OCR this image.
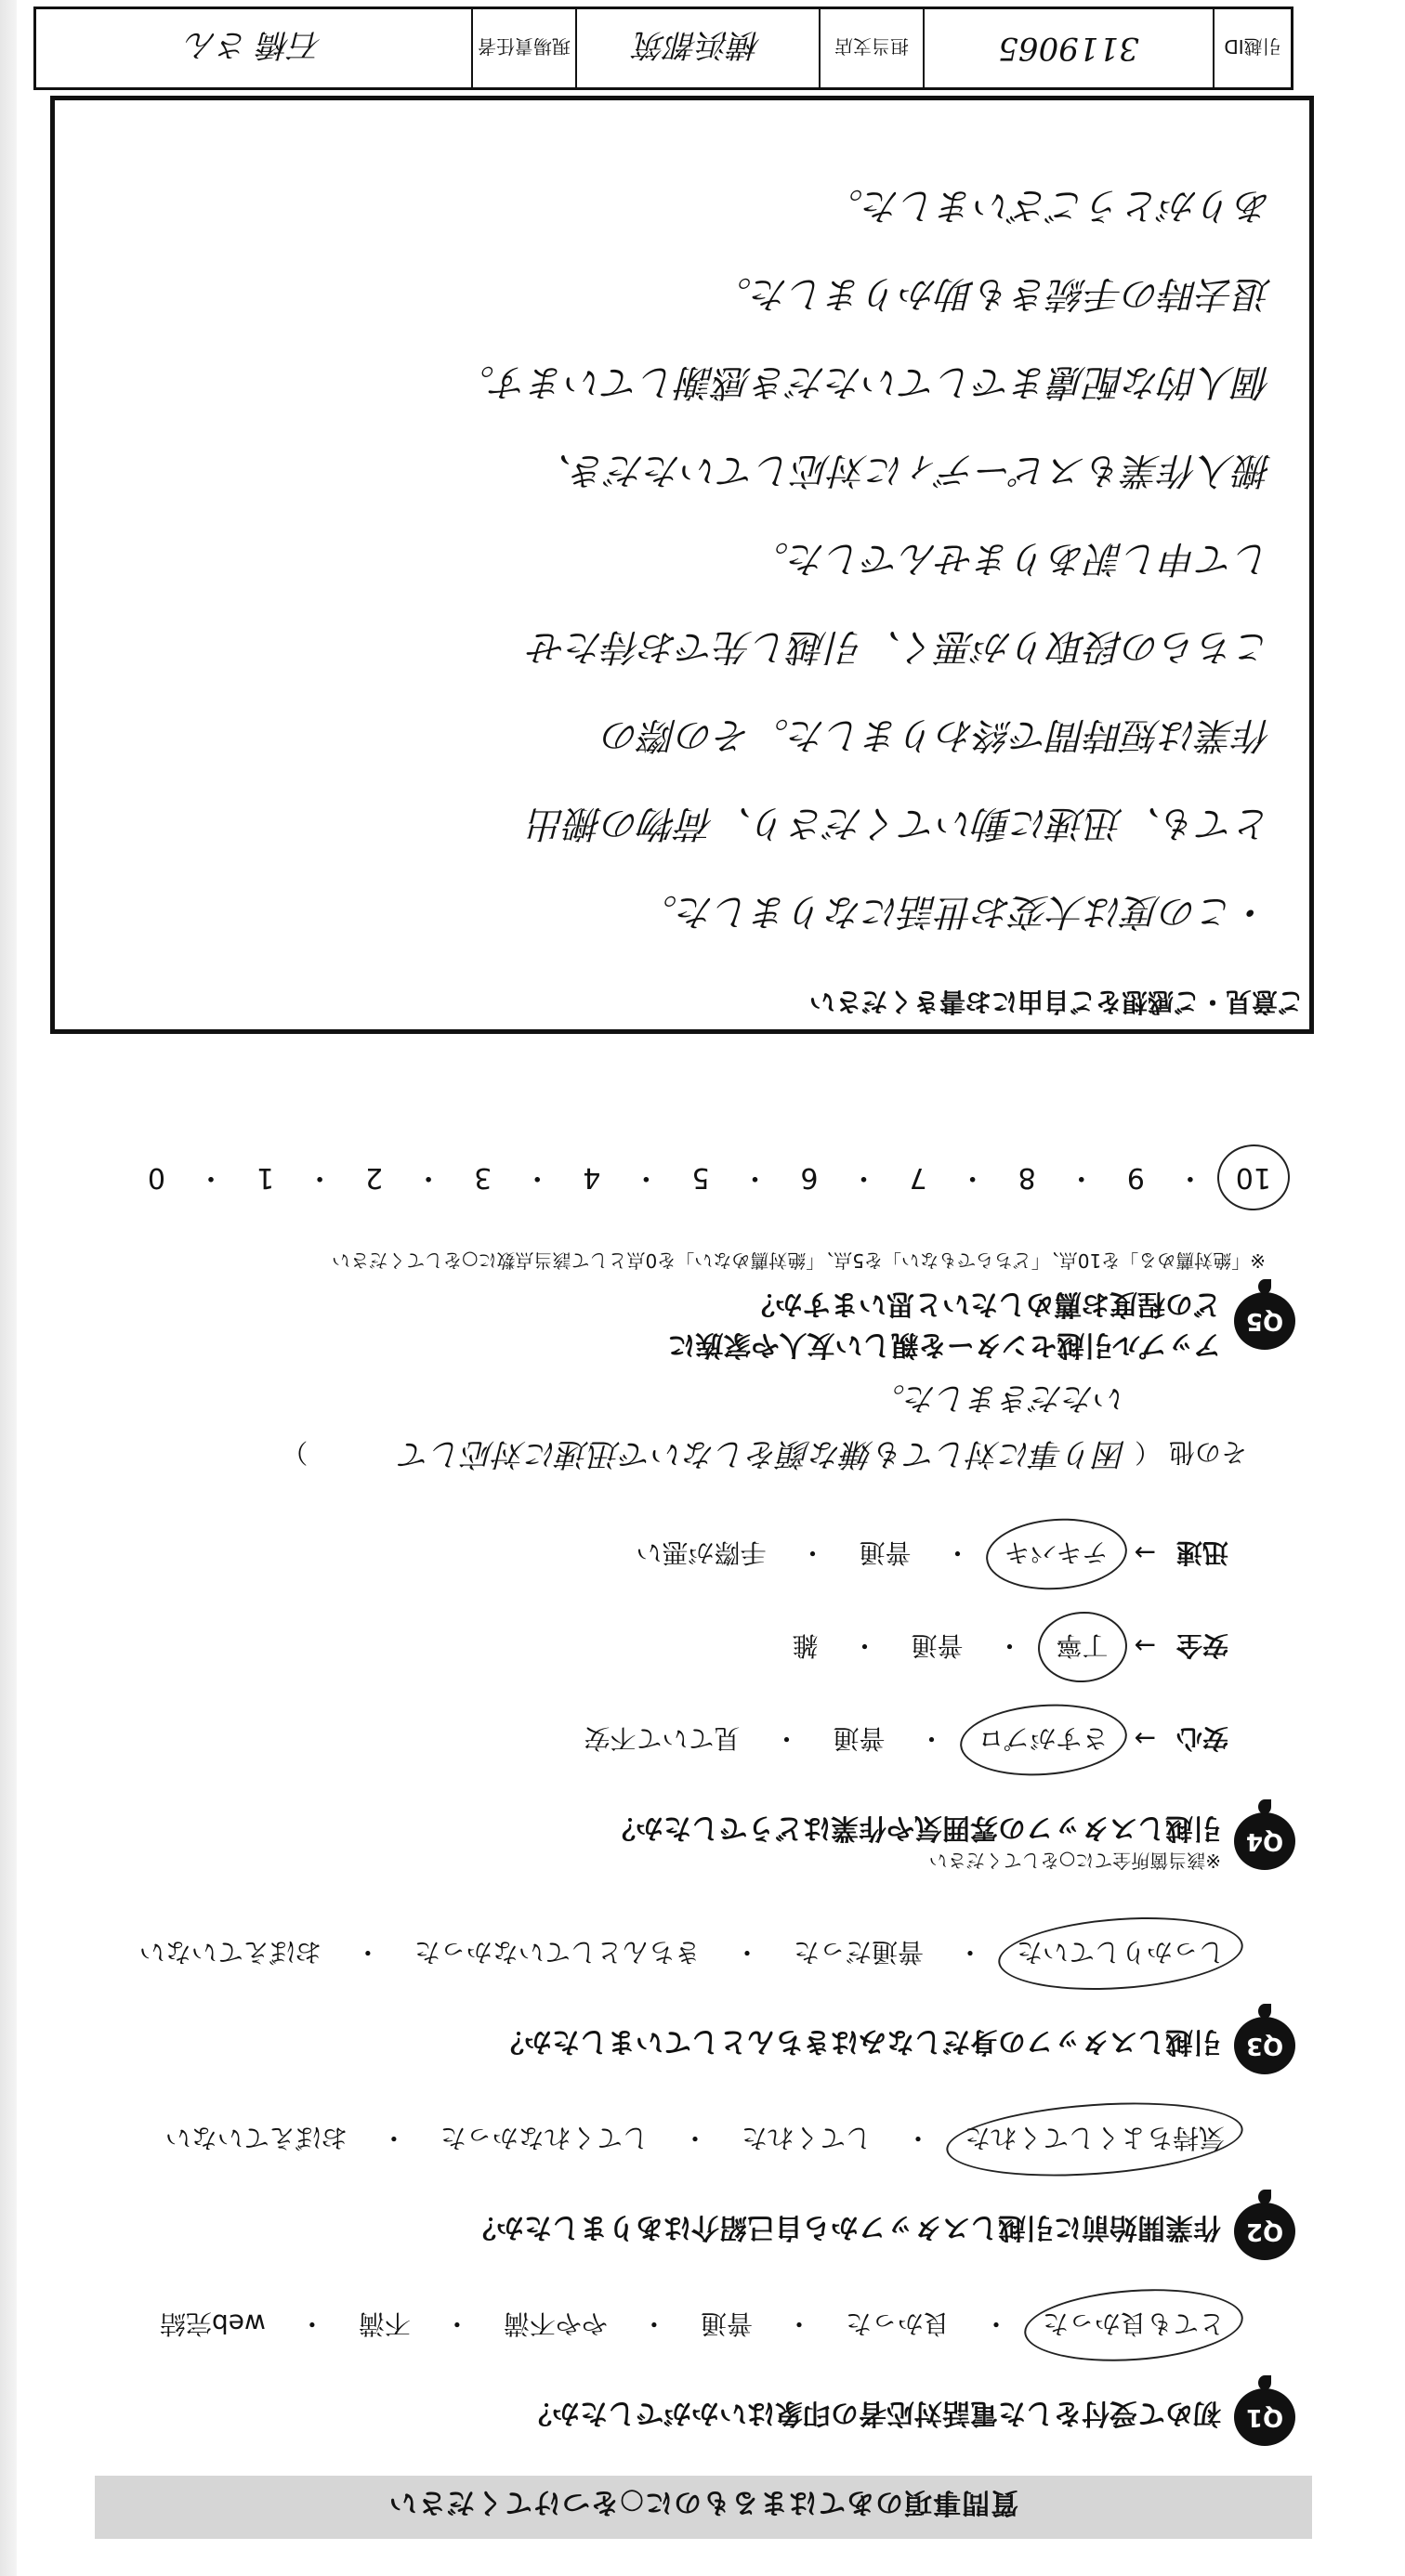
質問事項のあてはまるものに○をつけてください
Q1
初めて受付をした電話対応者の印象はいかがでしたか？
とても良かった・良かった・普通・やや不満・不満・web完結
Q2
作業開始前に引越しスタッフから自己紹介はありましたか？
気持ちよくしてくれた・してくれた・してくれなかった・おぼえていない
Q3
引越しスタッフの身だしなみはきちんとしていましたか？
しっかりしていた・普通だった・きちんとしていなかった・おぼえていない
Q4
引越しスタッフの雰囲気や作業はどうでしたか？
※該当箇所全てに○をしてください
安心→さすがプロ・普通・見ていて不安
安全→丁寧・普通・雑
迅速→テキパキ・普通・手際が悪い
その他 （ 困り事に対しても嫌な顔をしないで迅速に対応して ）
いただきました。
Q5
アップル引越センターを親しい友人や家族に
どの程度お薦めしたいと思いますか？
※「絶対薦める」を10点、「どちらでもない」を5点、「絶対薦めない」を0点として該当点数に○をしてください
10・9・8・7・6・5・4・3・2・1・0
ご意見・ご感想をご自由にお書きください
・この度は大変お世話になりました。
とても、迅速に動いてくださり、荷物の搬出
作業は短時間で終わりました。その際の
こちらの段取りが悪く、引越し先でお待たせ
して申し訳ありませんでした。
搬入作業もスピーディに対応していただき、
個人的な配慮までしていただき感謝しています。
退去時の手続きも助かりました。
ありがとうございました。
引越ID
3119065
担当支店
横浜都筑
現場責任者
石橋 さん
